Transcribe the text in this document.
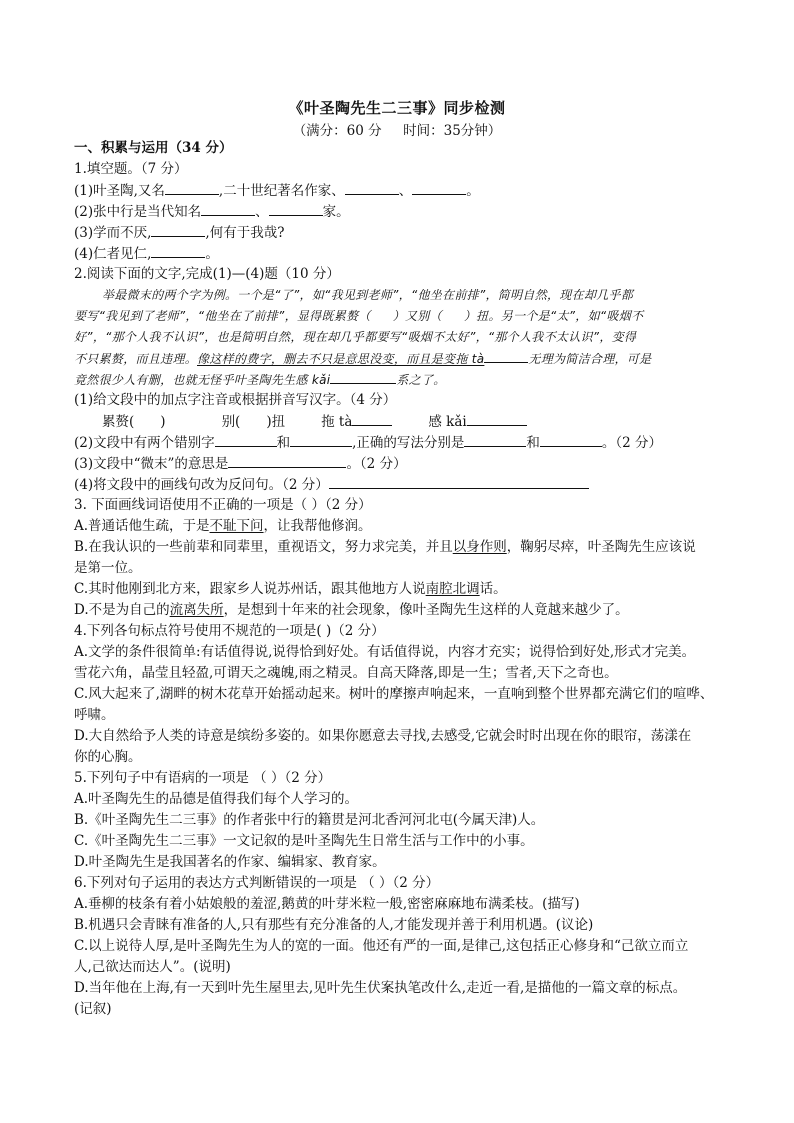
《叶圣陶先生二三事》同步检测
（满分：60 分     时间：35分钟）
一、积累与运用（34 分）
1.填空题。（7 分）
(1)叶圣陶,又名	,二十世纪著名作家、	、	。
(2)张中行是当代知名	、	家。
(3)学而不厌,	,何有于我哉?
(4)仁者见仁,	。
2.阅读下面的文字,完成(1)—(4)题（10 分）
举最微末的两个字为例。一个是“了”，如“我见到老师”，“他坐在前排”，简明自然，现在却几乎都
要写“我见到了老师”，“他坐在了前排”，显得既累赘（ ）又别（ ）扭。另一个是“太”，如“吸烟不
好”，“那个人我不认识”，也是简明自然，现在却几乎都要写“吸烟不太好”，“那个人我不太认识”，变得
不只累赘，而且违理。像这样的费字，删去不只是意思没变，而且是变拖 tà	无理为简洁合理，可是
竟然很少人有删，也就无怪乎叶圣陶先生感 kǎi	系之了。
(1)给文段中的加点字注音或根据拼音写汉字。（4 分）
累赘( )	别( )扭	拖 tà	感 kǎi
(2)文段中有两个错别字	和	,正确的写法分别是	和	。（2 分）
(3)文段中“微末”的意思是	。（2 分）
(4)将文段中的画线句改为反问句。（2 分）
3. 下面画线词语使用不正确的一项是（ ）（2 分）
A.普通话他生疏，于是不耻下问，让我帮他修润。
B.在我认识的一些前辈和同辈里，重视语文，努力求完美，并且以身作则，鞠躬尽瘁，叶圣陶先生应该说
是第一位。
C.其时他刚到北方来，跟家乡人说苏州话，跟其他地方人说南腔北调话。
D.不是为自己的流离失所，是想到十年来的社会现象，像叶圣陶先生这样的人竟越来越少了。
4.下列各句标点符号使用不规范的一项是( )（2 分）
A.文学的条件很简单:有话值得说,说得恰到好处。有话值得说，内容才充实；说得恰到好处,形式才完美。
雪花六角，晶莹且轻盈,可谓天之魂魄,雨之精灵。自高天降落,即是一生；雪者,天下之奇也。
C.风大起来了,湖畔的树木花草开始摇动起来。树叶的摩擦声响起来，一直响到整个世界都充满它们的喧哗、
呼啸。
D.大自然给予人类的诗意是缤纷多姿的。如果你愿意去寻找,去感受,它就会时时出现在你的眼帘，荡漾在
你的心胸。
5.下列句子中有语病的一项是 （ ）（2 分）
A.叶圣陶先生的品德是值得我们每个人学习的。
B.《叶圣陶先生二三事》的作者张中行的籍贯是河北香河河北屯(今属天津)人。
C.《叶圣陶先生二三事》一文记叙的是叶圣陶先生日常生活与工作中的小事。
D.叶圣陶先生是我国著名的作家、编辑家、教育家。
6.下列对句子运用的表达方式判断错误的一项是 （ ）（2 分）
A.垂柳的枝条有着小姑娘般的羞涩,鹅黄的叶芽米粒一般,密密麻麻地布满柔枝。(描写)
B.机遇只会青睐有准备的人,只有那些有充分准备的人,才能发现并善于利用机遇。(议论)
C.以上说待人厚,是叶圣陶先生为人的宽的一面。他还有严的一面,是律己,这包括正心修身和“己欲立而立
人,己欲达而达人”。(说明)
D.当年他在上海,有一天到叶先生屋里去,见叶先生伏案执笔改什么,走近一看,是描他的一篇文章的标点。
(记叙)
